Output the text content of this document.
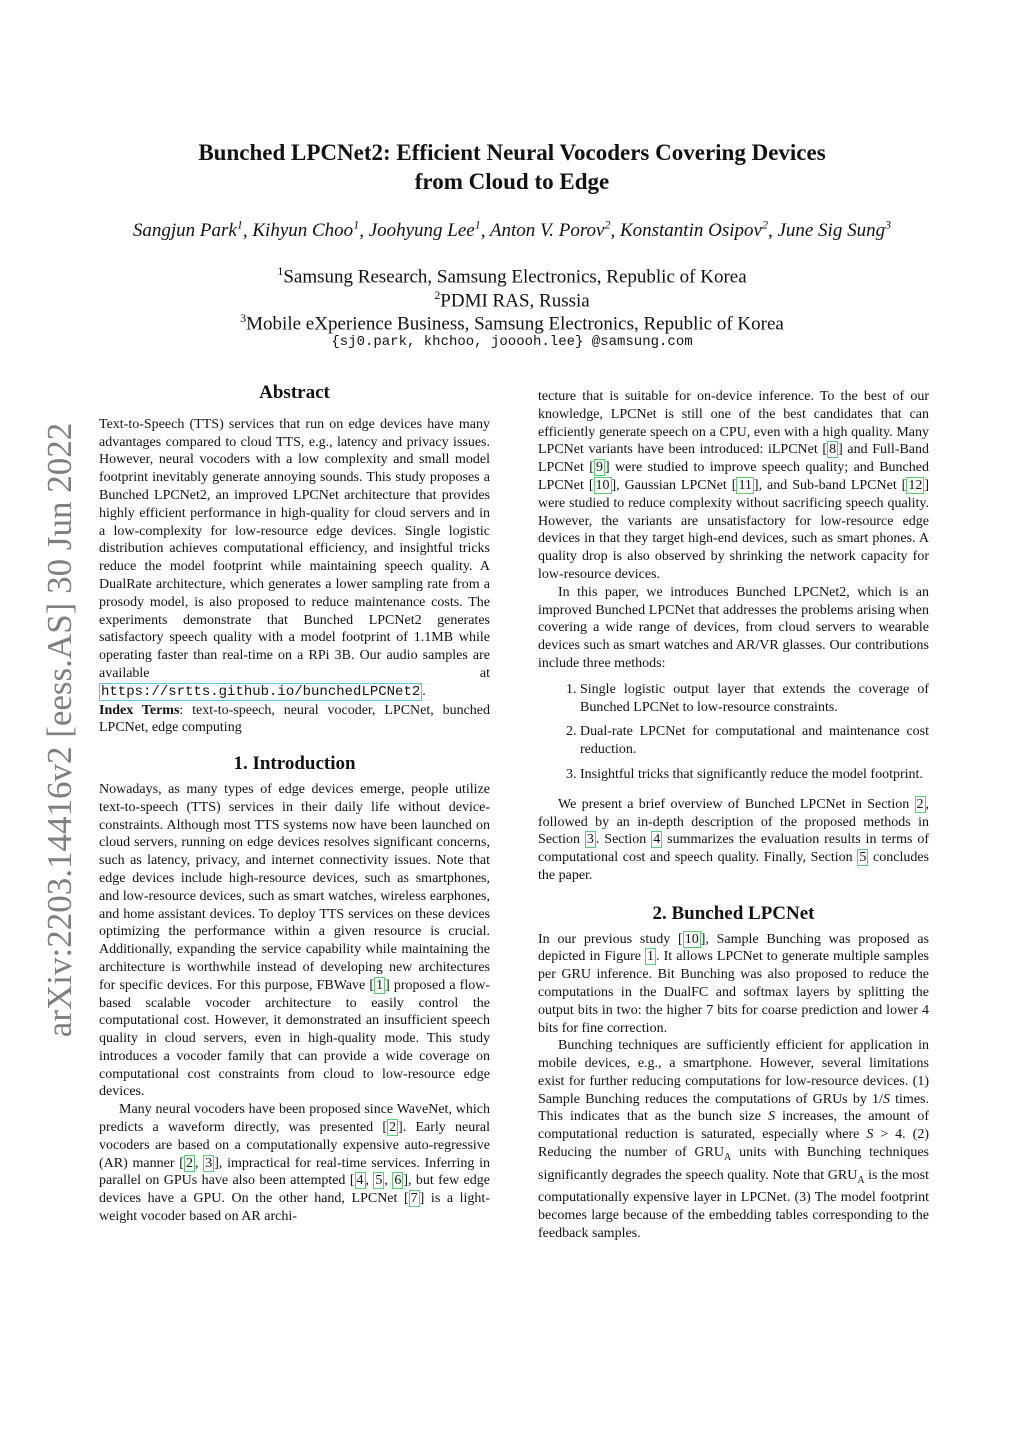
arXiv:2203.14416v2 [eess.AS] 30 Jun 2022
Bunched LPCNet2: Efficient Neural Vocoders Covering Devices
from Cloud to Edge
Sangjun Park$^1$, Kihyun Choo$^1$, Joohyung Lee$^1$, Anton V. Porov$^2$, Konstantin Osipov$^2$, June Sig Sung$^3$
$^1$Samsung Research, Samsung Electronics, Republic of Korea
$^2$PDMI RAS, Russia
$^3$Mobile eXperience Business, Samsung Electronics, Republic of Korea
{sj0.park, khchoo, jooooh.lee} @samsung.com
Abstract

Text-to-Speech (TTS) services that run on edge devices have many advantages compared to cloud TTS, e.g., latency and privacy issues. However, neural vocoders with a low complexity and small model footprint inevitably generate annoying sounds. This study proposes a Bunched LPCNet2, an improved LPCNet architecture that provides highly efficient performance in high-quality for cloud servers and in a low-complexity for low-resource edge devices. Single logistic distribution achieves computational efficiency, and insightful tricks reduce the model footprint while maintaining speech quality. A DualRate architecture, which generates a lower sampling rate from a prosody model, is also proposed to reduce maintenance costs. The experiments demonstrate that Bunched LPCNet2 generates satisfactory speech quality with a model footprint of 1.1MB while operating faster than real-time on a RPi 3B. Our audio samples are available at https://srtts.github.io/bunchedLPCNet2 .

Index Terms: text-to-speech, neural vocoder, LPCNet, bunched LPCNet, edge computing

1. Introduction

Nowadays, as many types of edge devices emerge, people utilize text-to-speech (TTS) services in their daily life without device-constraints. Although most TTS systems now have been launched on cloud servers, running on edge devices resolves significant concerns, such as latency, privacy, and internet connectivity issues. Note that edge devices include high-resource devices, such as smartphones, and low-resource devices, such as smart watches, wireless earphones, and home assistant devices. To deploy TTS services on these devices optimizing the performance within a given resource is crucial. Additionally, expanding the service capability while maintaining the architecture is worthwhile instead of developing new architectures for specific devices. For this purpose, FBWave [ 1 ] proposed a flow-based scalable vocoder architecture to easily control the computational cost. However, it demonstrated an insufficient speech quality in cloud servers, even in high-quality mode. This study introduces a vocoder family that can provide a wide coverage on computational cost constraints from cloud to low-resource edge devices.

Many neural vocoders have been proposed since WaveNet, which predicts a waveform directly, was presented [ 2 ]. Early neural vocoders are based on a computationally expensive auto-regressive (AR) manner [ 2 , 3 ], impractical for real-time services. Inferring in parallel on GPUs have also been attempted [ 4 , 5 , 6 ], but few edge devices have a GPU. On the other hand, LPCNet [ 7 ] is a light-weight vocoder based on AR archi-

tecture that is suitable for on-device inference. To the best of our knowledge, LPCNet is still one of the best candidates that can efficiently generate speech on a CPU, even with a high quality. Many LPCNet variants have been introduced: iLPCNet [ 8 ] and Full-Band LPCNet [ 9 ] were studied to improve speech quality; and Bunched LPCNet [ 10 ], Gaussian LPCNet [ 11 ], and Sub-band LPCNet [ 12 ] were studied to reduce complexity without sacrificing speech quality. However, the variants are unsatisfactory for low-resource edge devices in that they target high-end devices, such as smart phones. A quality drop is also observed by shrinking the network capacity for low-resource devices.

In this paper, we introduces Bunched LPCNet2, which is an improved Bunched LPCNet that addresses the problems arising when covering a wide range of devices, from cloud servers to wearable devices such as smart watches and AR/VR glasses. Our contributions include three methods:

1. Single logistic output layer that extends the coverage of Bunched LPCNet to low-resource constraints.
2. Dual-rate LPCNet for computational and maintenance cost reduction.
3. Insightful tricks that significantly reduce the model footprint.

We present a brief overview of Bunched LPCNet in Section 2 , followed by an in-depth description of the proposed methods in Section 3 . Section 4 summarizes the evaluation results in terms of computational cost and speech quality. Finally, Section 5 concludes the paper.

2. Bunched LPCNet

In our previous study [ 10 ], Sample Bunching was proposed as depicted in Figure 1 . It allows LPCNet to generate multiple samples per GRU inference. Bit Bunching was also proposed to reduce the computations in the DualFC and softmax layers by splitting the output bits in two: the higher 7 bits for coarse prediction and lower 4 bits for fine correction.

Bunching techniques are sufficiently efficient for application in mobile devices, e.g., a smartphone. However, several limitations exist for further reducing computations for low-resource devices. (1) Sample Bunching reduces the computations of GRUs by 1/S times. This indicates that as the bunch size S increases, the amount of computational reduction is saturated, especially where S > 4. (2) Reducing the number of $GRU_A$ units with Bunching techniques significantly degrades the speech quality. Note that $GRU_A$ is the most computationally expensive layer in LPCNet. (3) The model footprint becomes large because of the embedding tables corresponding to the feedback samples.
